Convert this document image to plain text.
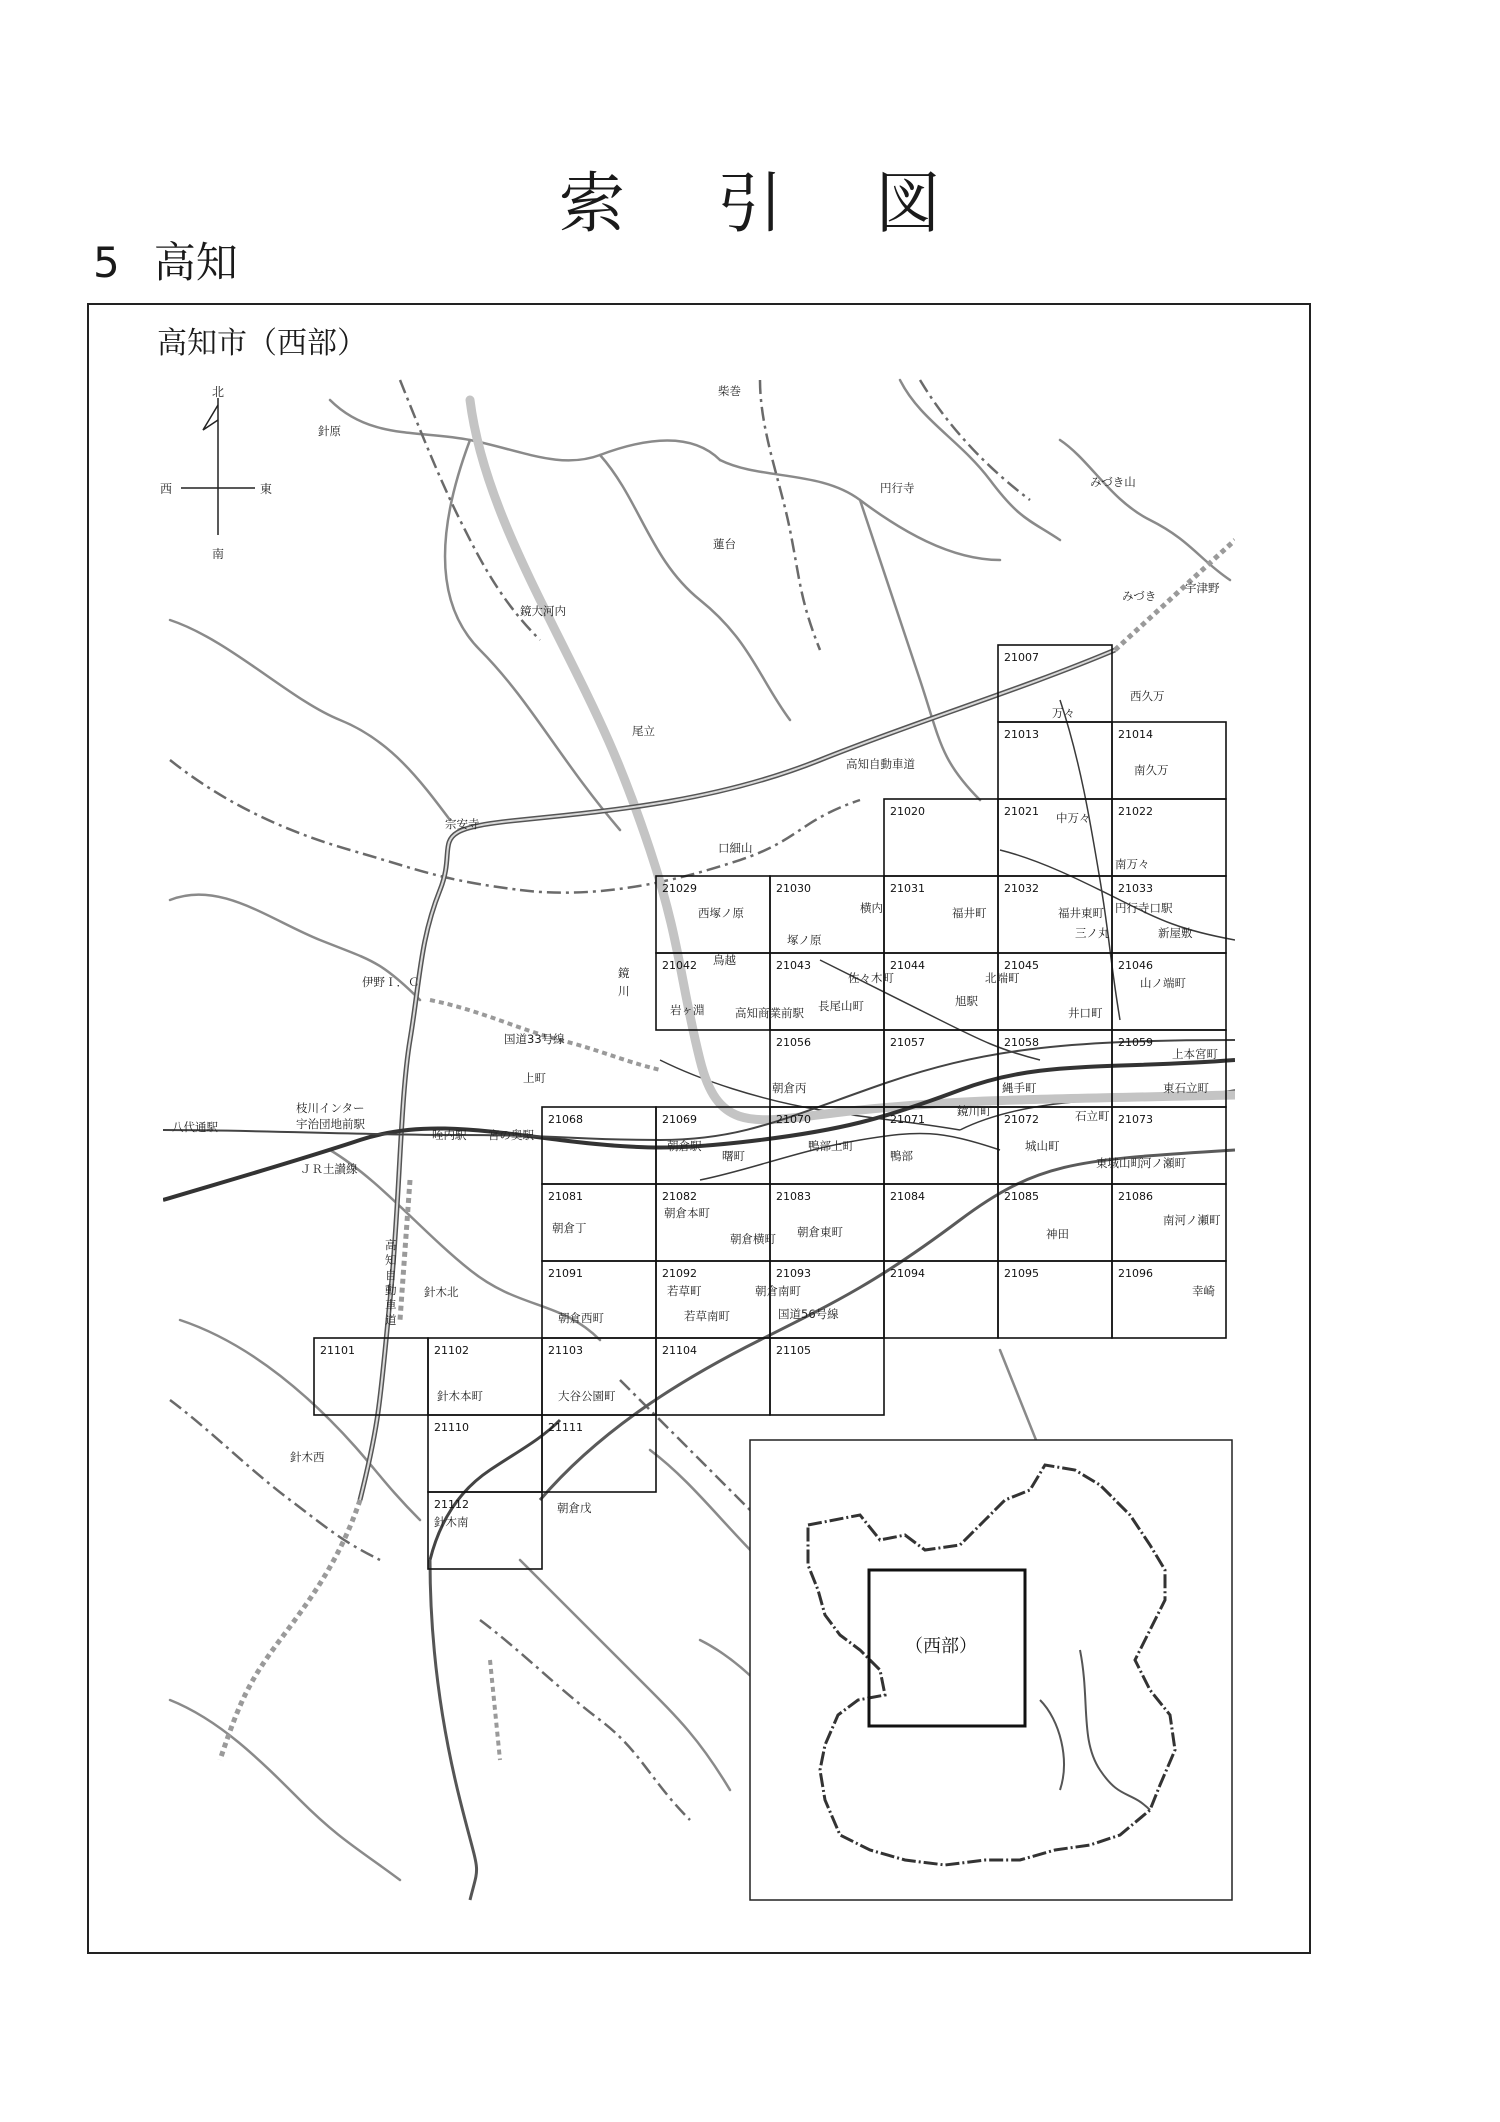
索引図
5 高知
高知市（西部）
北
南
西	東
21007
21013	21014
21020	21021	21022
21029	21030	21031	21032	21033
21042	21043	21044	21045	21046
21056	21057	21058	21059
21068	21069	21070	21071	21072	21073
21081	21082	21083	21084	21085	21086
21091	21092	21093	21094	21095	21096
21101	21102	21103	21104	21105
21110	21111
21112
柴巻
針原
円行寺	みづき山
蓮台
みづき
宇津野
鏡大河内
西久万
万々
尾立
高知自動車道	南久万
宗安寺	中万々
口細山
南万々
西塚ノ原	横内	福井町	福井東町 円行寺口駅
三ノ丸	新屋敷
鳥越
佐々木町	北端町	山ノ端町
伊野Ｉ．Ｃ
鏡
川
岩ヶ淵	高知商業前駅 長尾山町	旭駅
井口町
国道33号線
上本宮町
上町
朝倉丙	縄手町	東石立町
枝川インター
八代通駅	宇治団地前駅
咥内駅 宮の奥駅
鏡川町	石立町
朝倉駅	鴨部上町	城山町
河ノ瀬町
曙町	鴨部	東城山町
ＪＲ土讃線
朝倉丁
朝倉本町
朝倉東町	神田
南河ノ瀬町
朝倉横町
若草町	朝倉南町	幸崎
針木北
朝倉西町	若草南町	国道56号線
針木本町	大谷公園町
針木西
朝倉戊
針木南
塚ノ原
高
知
自
動
車
道
（西部）
